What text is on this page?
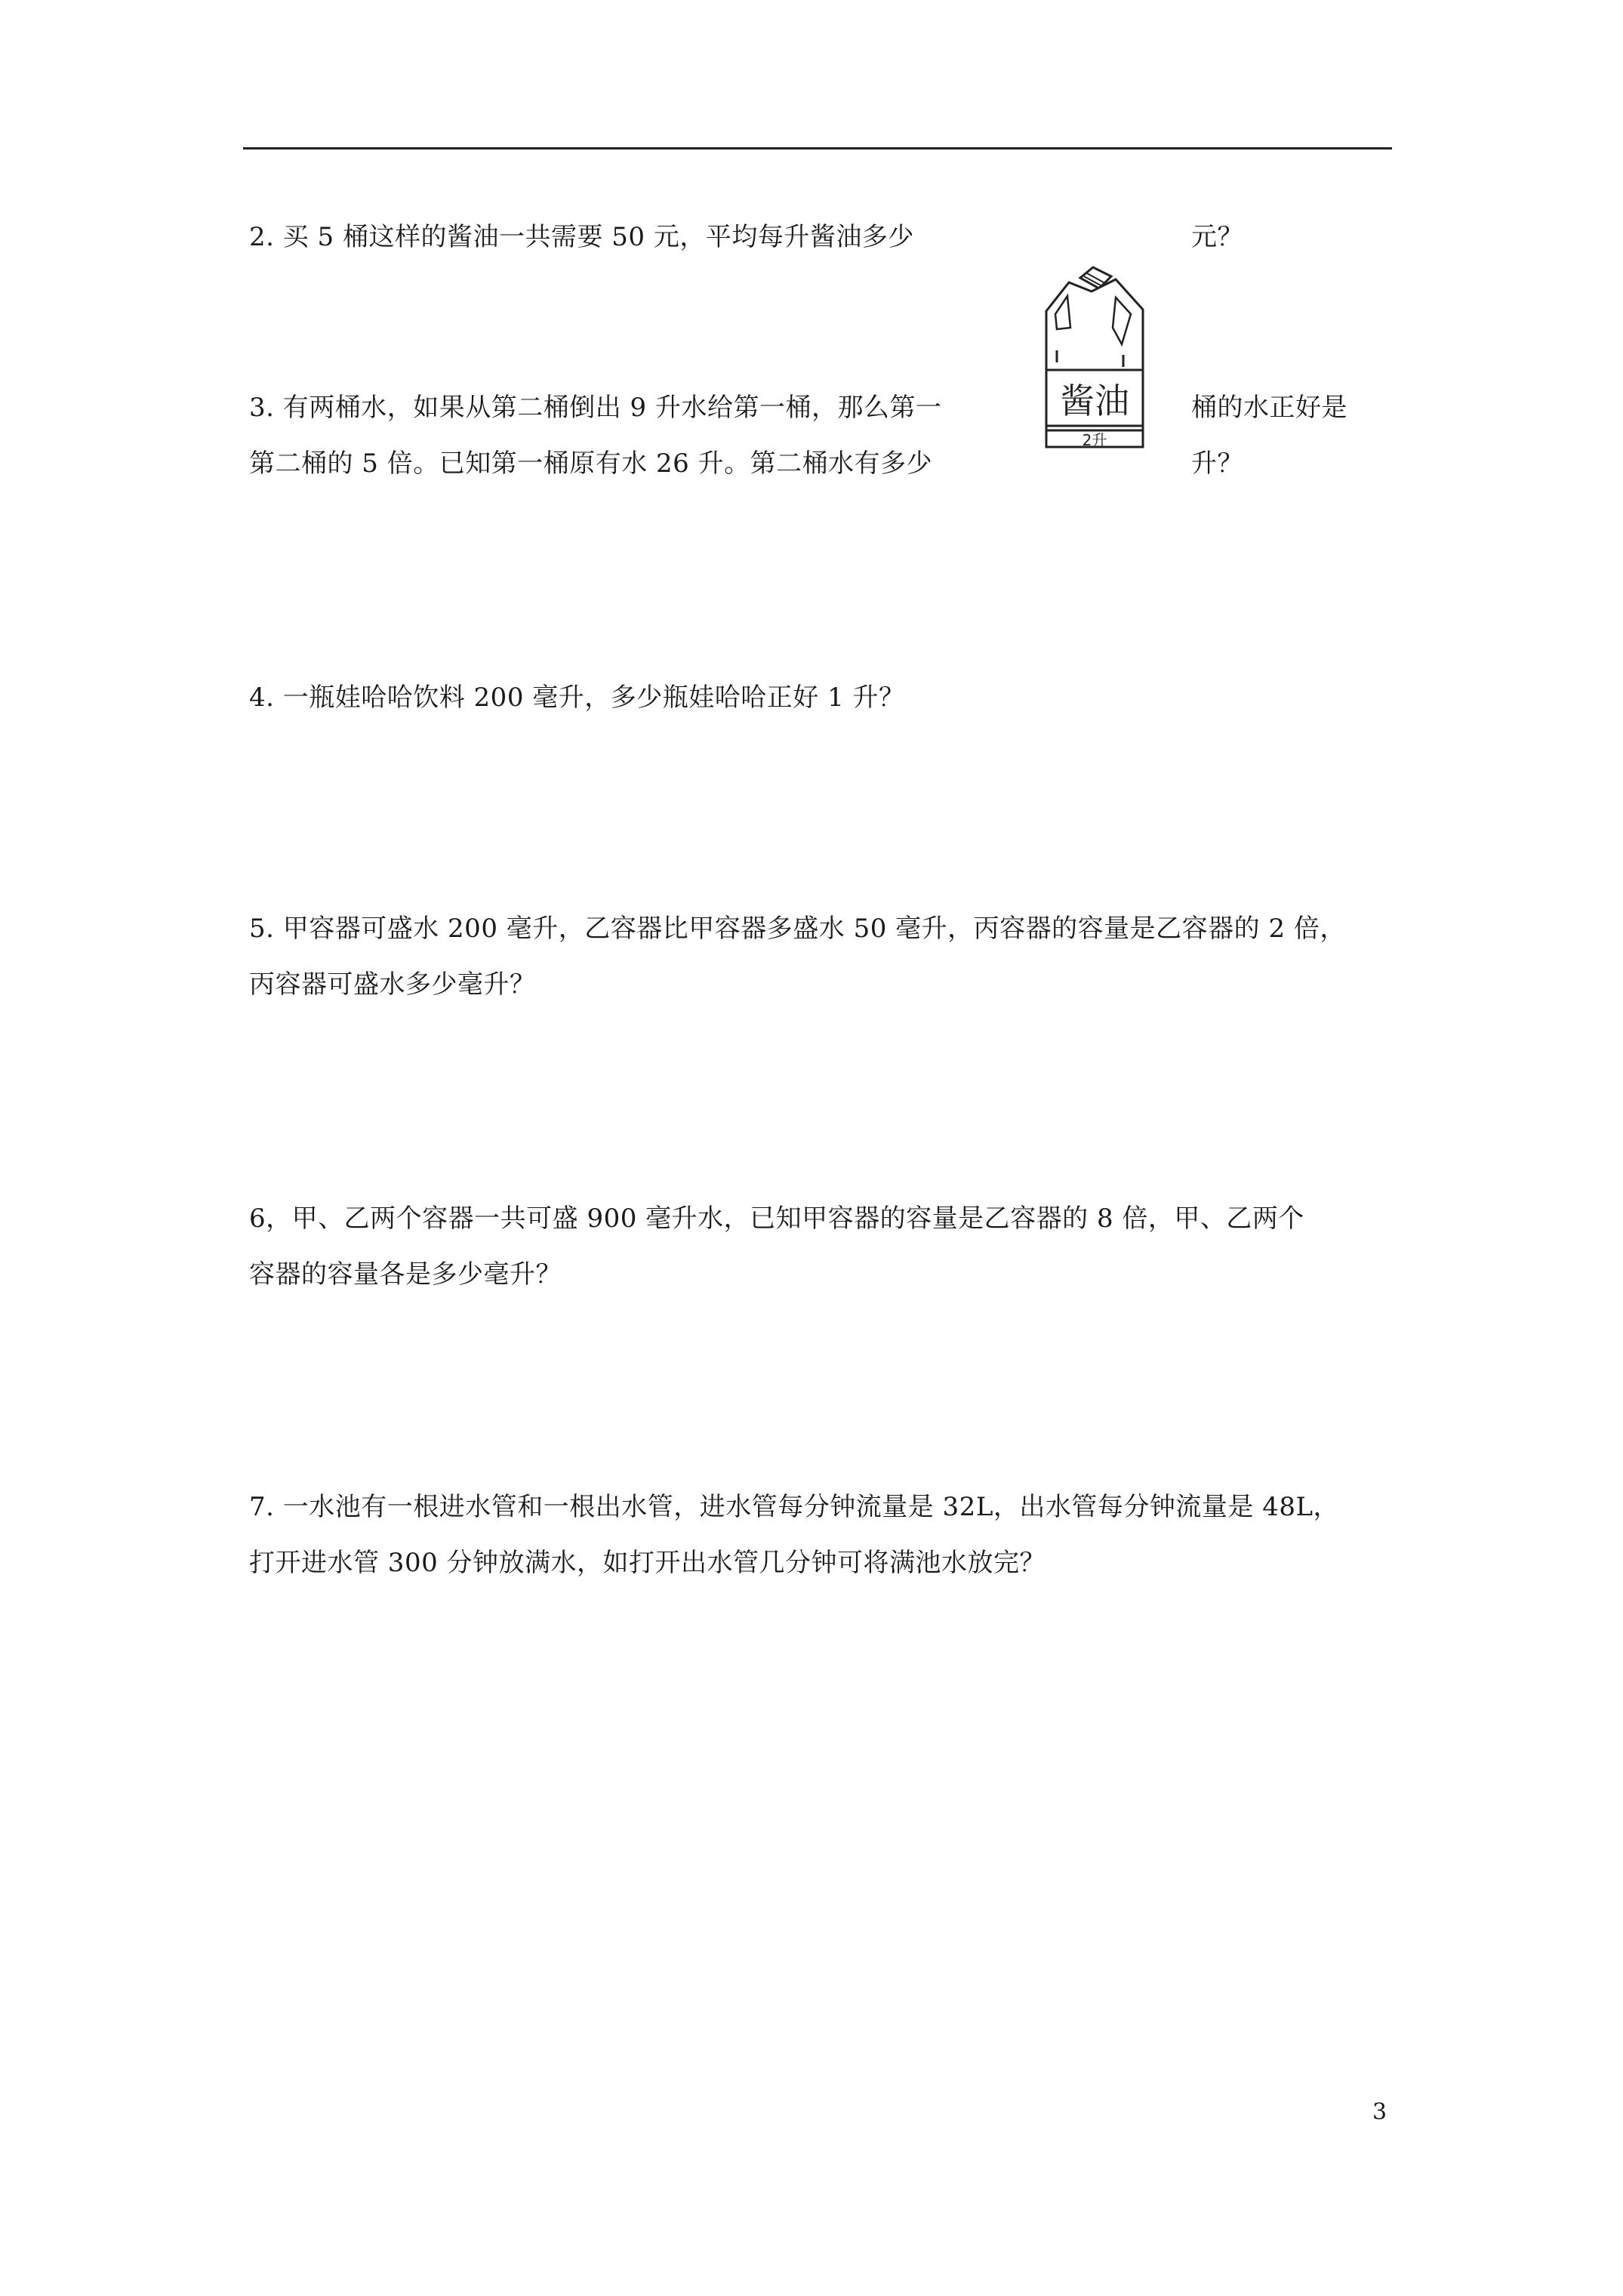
2. 买 5 桶这样的酱油一共需要 50 元，平均每升酱油多少	元？
3. 有两桶水，如果从第二桶倒出 9 升水给第一桶，那么第一	桶的水正好是
第二桶的 5 倍。已知第一桶原有水 26 升。第二桶水有多少	升？
酱油
2升
4. 一瓶娃哈哈饮料 200 毫升，多少瓶娃哈哈正好 1 升？
5. 甲容器可盛水 200 毫升，乙容器比甲容器多盛水 50 毫升，丙容器的容量是乙容器的 2 倍，
丙容器可盛水多少毫升？
6，甲、乙两个容器一共可盛 900 毫升水，已知甲容器的容量是乙容器的 8 倍，甲、乙两个
容器的容量各是多少毫升？
7. 一水池有一根进水管和一根出水管，进水管每分钟流量是 32L，出水管每分钟流量是 48L，
打开进水管 300 分钟放满水，如打开出水管几分钟可将满池水放完？
3
